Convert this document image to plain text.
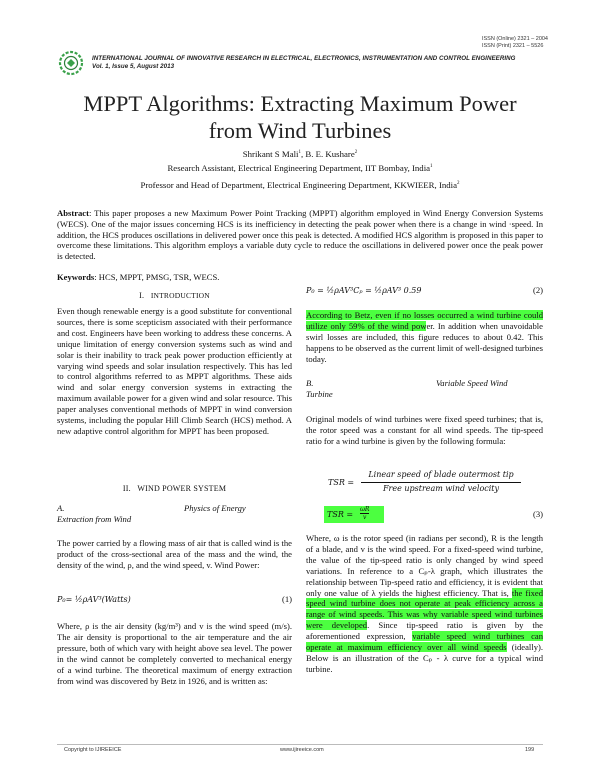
ISSN (Online) 2321 – 2004
ISSN (Print) 2321 – 5526
INTERNATIONAL JOURNAL OF INNOVATIVE RESEARCH IN ELECTRICAL, ELECTRONICS, INSTRUMENTATION AND CONTROL ENGINEERING
Vol. 1, Issue 5, August 2013
MPPT Algorithms: Extracting Maximum Power
from Wind Turbines
Shrikant S Mali$^1$, B. E. Kushare$^2$
Research Assistant, Electrical Engineering Department, IIT Bombay, India$^1$
Professor and Head of Department, Electrical Engineering Department, KKWIEER, India$^2$
Abstract: This paper proposes a new Maximum Power Point Tracking (MPPT) algorithm employed in Wind Energy Conversion Systems (WECS). One of the major issues concerning HCS is its inefficiency in detecting the peak power when there is a change in wind ·speed. In addition, the HCS produces oscillations in delivered power once this peak is detected. A modified HCS algorithm is proposed in this paper to overcome these limitations. This algorithm employs a variable duty cycle to reduce the oscillations in delivered power once the peak power is detected.
Keywords: HCS, MPPT, PMSG, TSR, WECS.
I. INTRODUCTION
Even though renewable energy is a good substitute for conventional sources, there is some scepticism associated with their performance and cost. Engineers have been working to address these concerns. A unique limitation of energy conversion systems such as wind and solar is their inability to track peak power production efficiently at varying wind speeds and solar insulation respectively. This has led to control algorithms referred to as MPPT algorithms. These aids wind and solar energy conversion systems in extracting the maximum available power for a given wind and solar resource. This paper analyses conventional methods of MPPT in wind conversion systems, including the popular Hill Climb Search (HCS) method. A new adaptive control algorithm for MPPT has been proposed.
II. WIND POWER SYSTEM
A.	Physics of Energy
Extraction from Wind
The power carried by a flowing mass of air that is called wind is the product of the cross-sectional area of the mass and the wind, the density of the wind, ρ, and the wind speed, v. Wind Power:
P₀= ½ρAV³(Watts)	(1)
Where, ρ is the air density (kg/m³) and v is the wind speed (m/s). The air density is proportional to the air temperature and the air pressure, both of which vary with height above sea level. The power in the wind cannot be completely converted to mechanical energy of a wind turbine. The theoretical maximum of energy extraction from wind was discovered by Betz in 1926, and is written as:
P₀ = ½ρAV³Cₚ = ½ρAV³ 0.59	(2)
According to Betz, even if no losses occurred a wind turbine could utilize only 59% of the wind power. In addition when unavoidable swirl losses are included, this figure reduces to about 0.42. This happens to be observed as the current limit of well-designed turbines today.
B.	Variable Speed Wind
Turbine
Original models of wind turbines were fixed speed turbines; that is, the rotor speed was a constant for all wind speeds. The tip-speed ratio for a wind turbine is given by the following formula:
TSR =
Linear speed of blade outermost tip
Free upstream wind velocity
TSR = $\frac{\omega R}{v}$	(3)
Where, ω is the rotor speed (in radians per second), R is the length of a blade, and v is the wind speed. For a fixed-speed wind turbine, the value of the tip-speed ratio is only changed by wind speed variations. In reference to a Cₚ-λ graph, which illustrates the relationship between Tip-speed ratio and efficiency, it is evident that only one value of λ yields the highest efficiency. That is, the fixed speed wind turbine does not operate at peak efficiency across a range of wind speeds. This was why variable speed wind turbines were developed. Since tip-speed ratio is given by the aforementioned expression, variable speed wind turbines can operate at maximum efficiency over all wind speeds (ideally). Below is an illustration of the Cₚ - λ curve for a typical wind turbine.
Copyright to IJIREEICE	www.ijireeice.com	199
